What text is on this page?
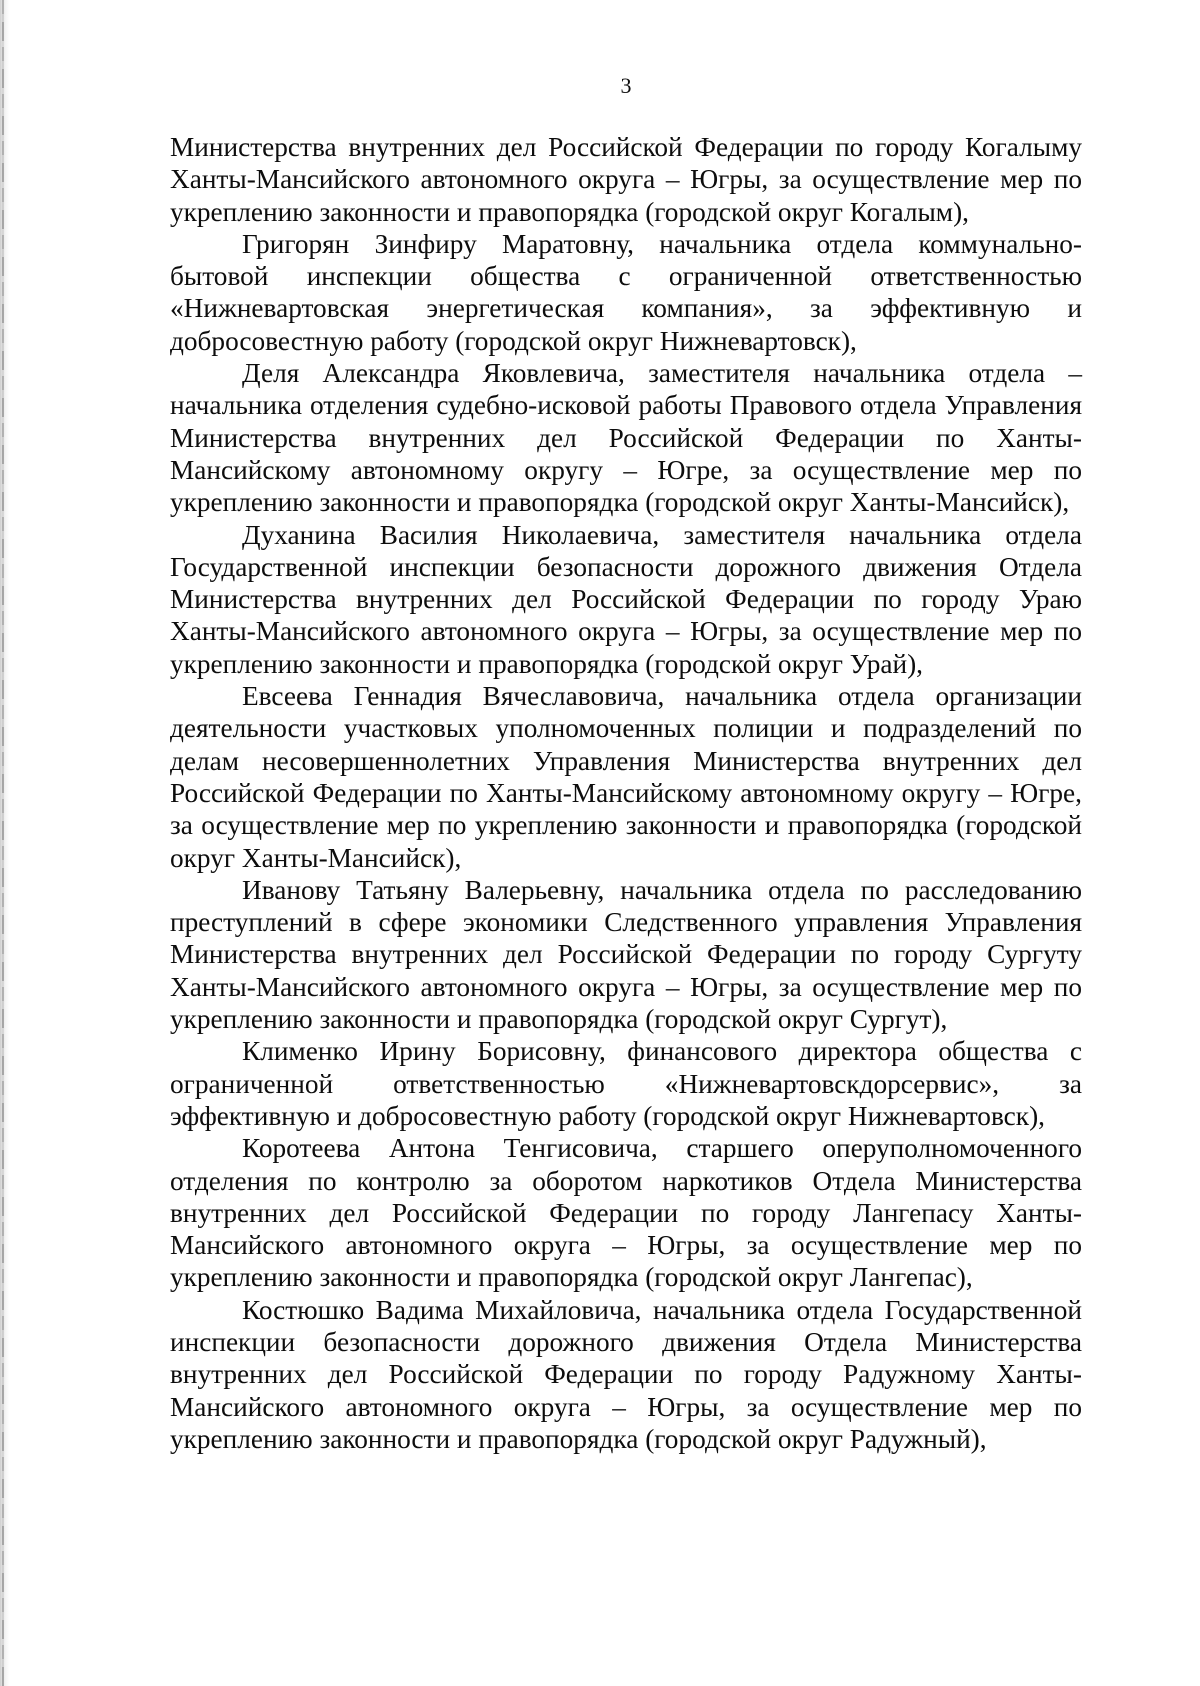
3

Министерства внутренних дел Российской Федерации по городу Когалыму Ханты-Мансийского автономного округа – Югры, за осуществление мер по укреплению законности и правопорядка (городской округ Когалым),

Григорян Зинфиру Маратовну, начальника отдела коммунально-бытовой инспекции общества с ограниченной ответственностью «Нижневартовская энергетическая компания», за эффективную и добросовестную работу (городской округ Нижневартовск),

Деля Александра Яковлевича, заместителя начальника отдела – начальника отделения судебно-исковой работы Правового отдела Управления Министерства внутренних дел Российской Федерации по Ханты-Мансийскому автономному округу – Югре, за осуществление мер по укреплению законности и правопорядка (городской округ Ханты-Мансийск),

Духанина Василия Николаевича, заместителя начальника отдела Государственной инспекции безопасности дорожного движения Отдела Министерства внутренних дел Российской Федерации по городу Ураю Ханты-Мансийского автономного округа – Югры, за осуществление мер по укреплению законности и правопорядка (городской округ Урай),

Евсеева Геннадия Вячеславовича, начальника отдела организации деятельности участковых уполномоченных полиции и подразделений по делам несовершеннолетних Управления Министерства внутренних дел Российской Федерации по Ханты-Мансийскому автономному округу – Югре, за осуществление мер по укреплению законности и правопорядка (городской округ Ханты-Мансийск),

Иванову Татьяну Валерьевну, начальника отдела по расследованию преступлений в сфере экономики Следственного управления Управления Министерства внутренних дел Российской Федерации по городу Сургуту Ханты-Мансийского автономного округа – Югры, за осуществление мер по укреплению законности и правопорядка (городской округ Сургут),

Клименко Ирину Борисовну, финансового директора общества с ограниченной ответственностью «Нижневартовскдорсервис», за эффективную и добросовестную работу (городской округ Нижневартовск),

Коротеева Антона Тенгисовича, старшего оперуполномоченного отделения по контролю за оборотом наркотиков Отдела Министерства внутренних дел Российской Федерации по городу Лангепасу Ханты-Мансийского автономного округа – Югры, за осуществление мер по укреплению законности и правопорядка (городской округ Лангепас),

Костюшко Вадима Михайловича, начальника отдела Государственной инспекции безопасности дорожного движения Отдела Министерства внутренних дел Российской Федерации по городу Радужному Ханты-Мансийского автономного округа – Югры, за осуществление мер по укреплению законности и правопорядка (городской округ Радужный),
